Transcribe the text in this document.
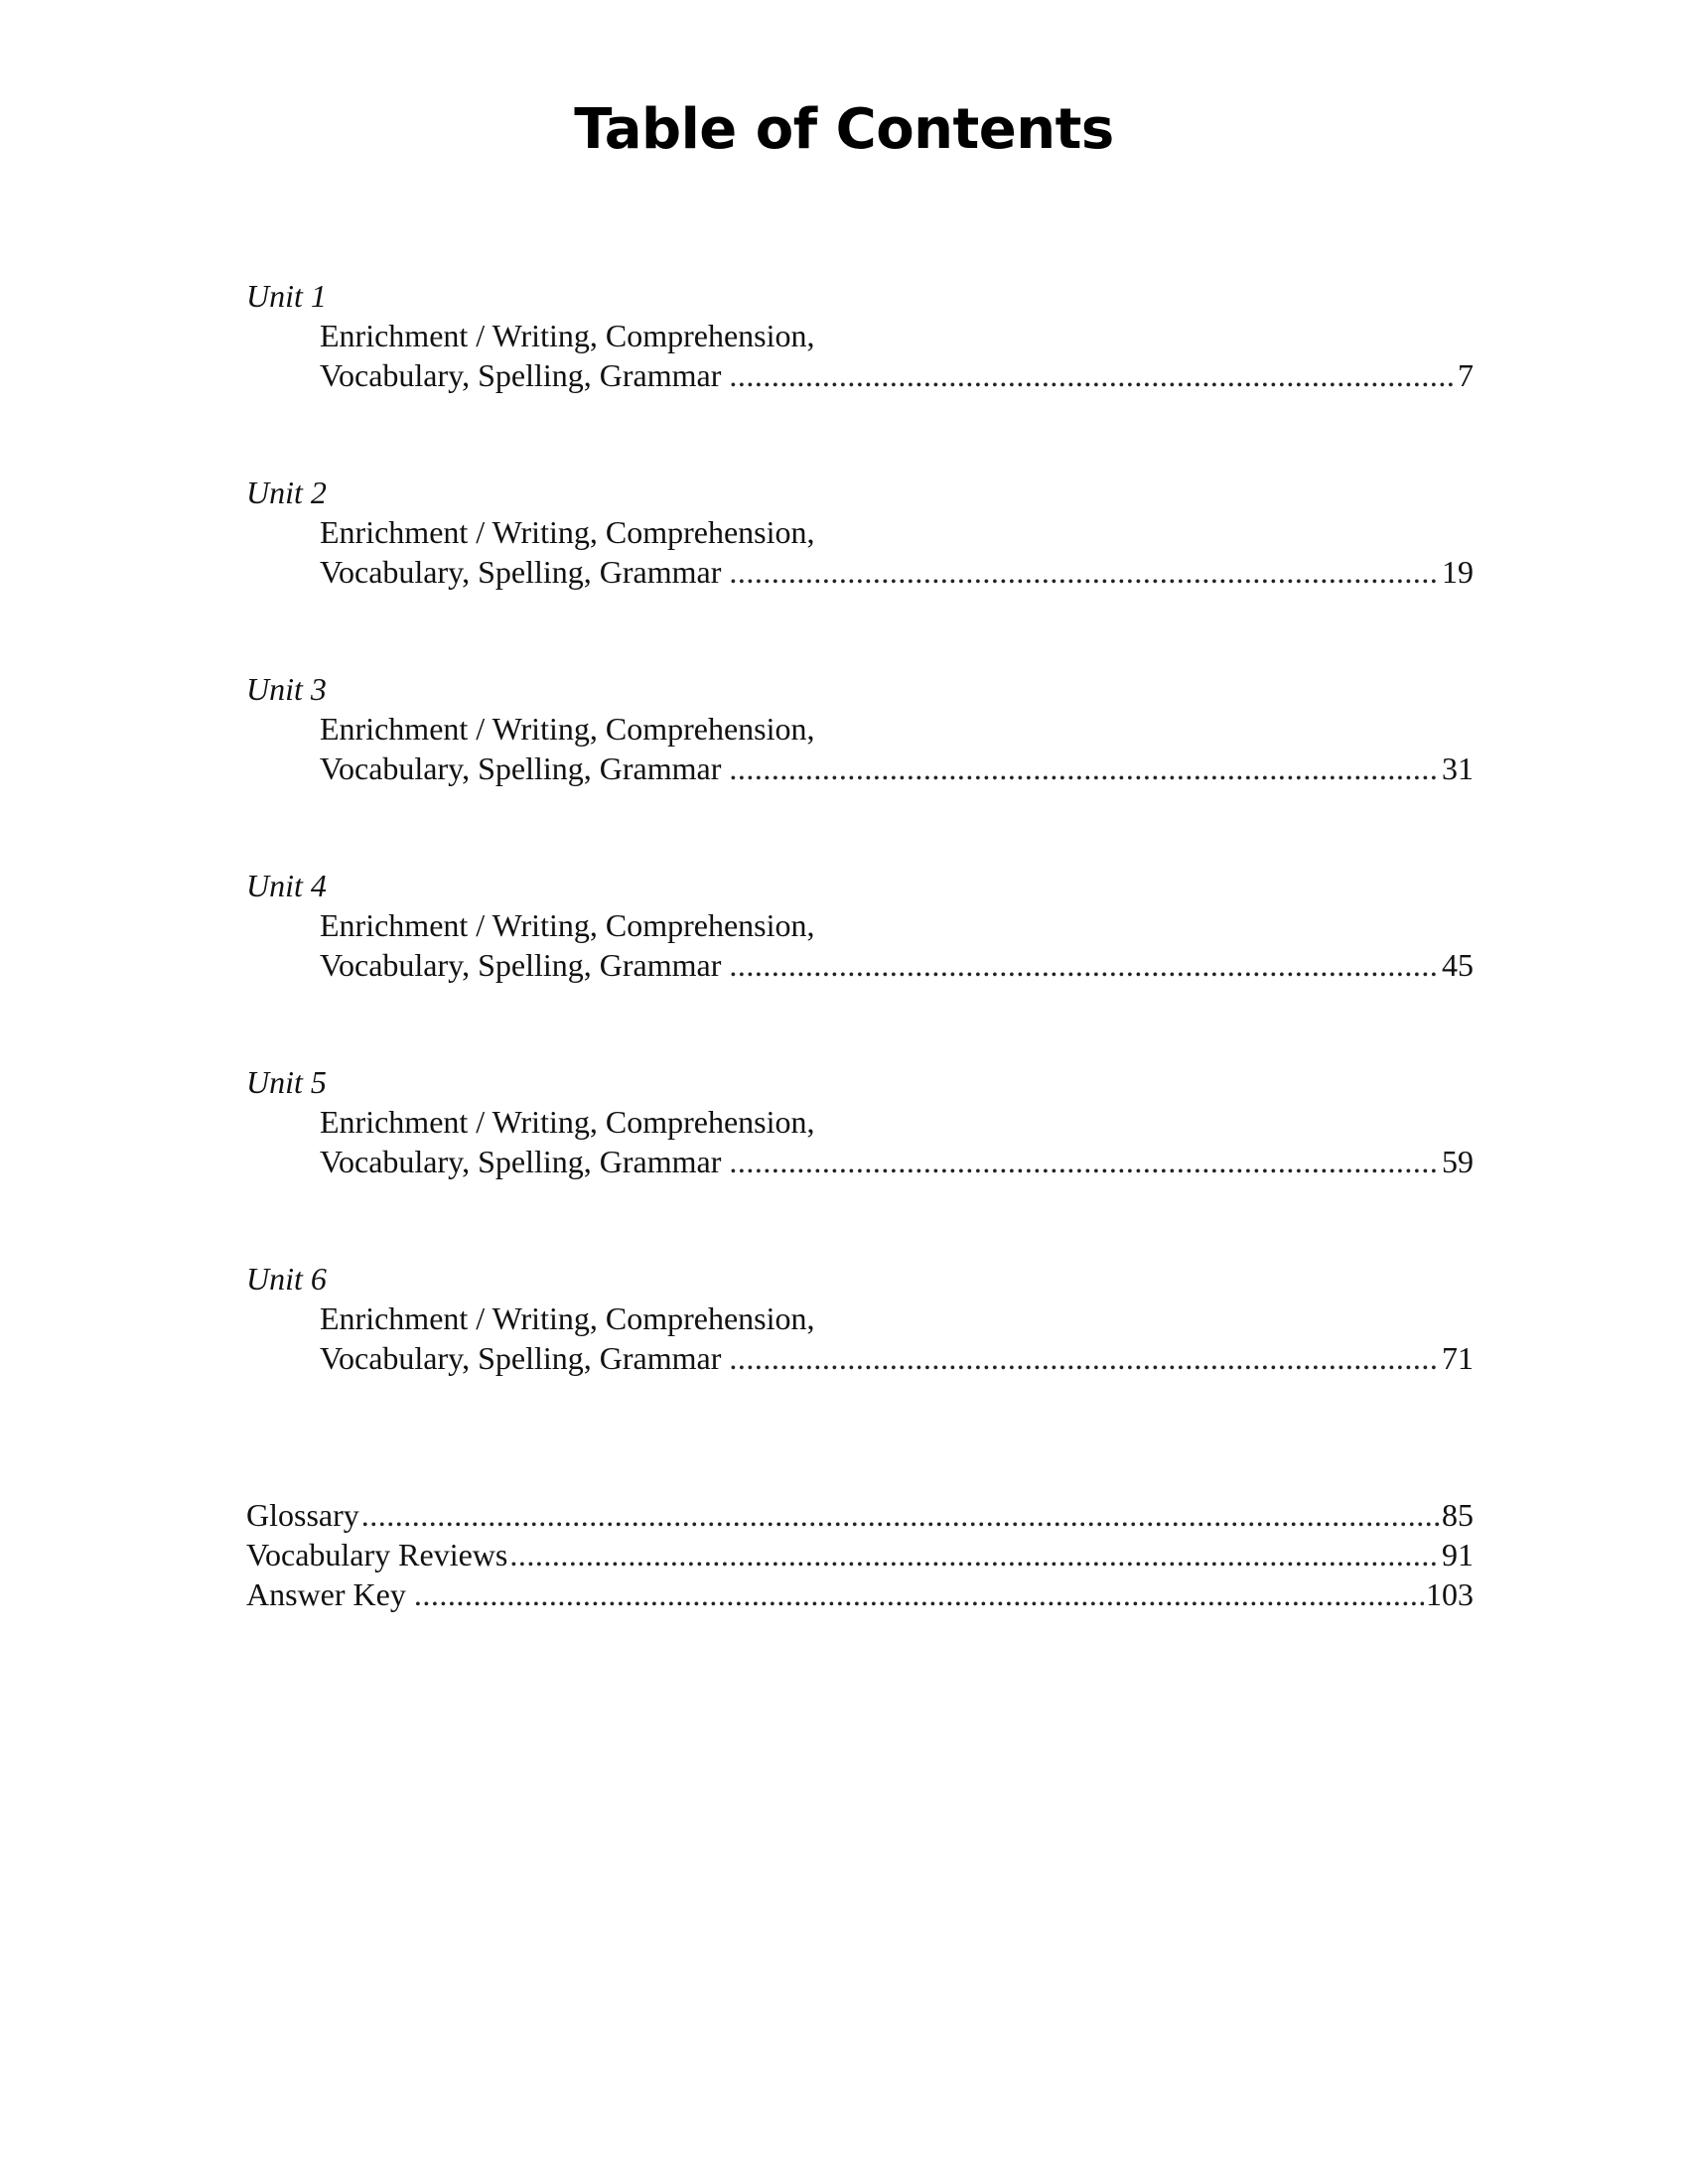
Table of Contents
Unit 1
Enrichment / Writing, Comprehension,
Vocabulary, Spelling, Grammar .....	7
Unit 2
Enrichment / Writing, Comprehension,
Vocabulary, Spelling, Grammar .....	19
Unit 3
Enrichment / Writing, Comprehension,
Vocabulary, Spelling, Grammar .....	31
Unit 4
Enrichment / Writing, Comprehension,
Vocabulary, Spelling, Grammar .....	45
Unit 5
Enrichment / Writing, Comprehension,
Vocabulary, Spelling, Grammar .....	59
Unit 6
Enrichment / Writing, Comprehension,
Vocabulary, Spelling, Grammar .....	71
Glossary .....	85
Vocabulary Reviews .....	91
Answer Key .....	103
